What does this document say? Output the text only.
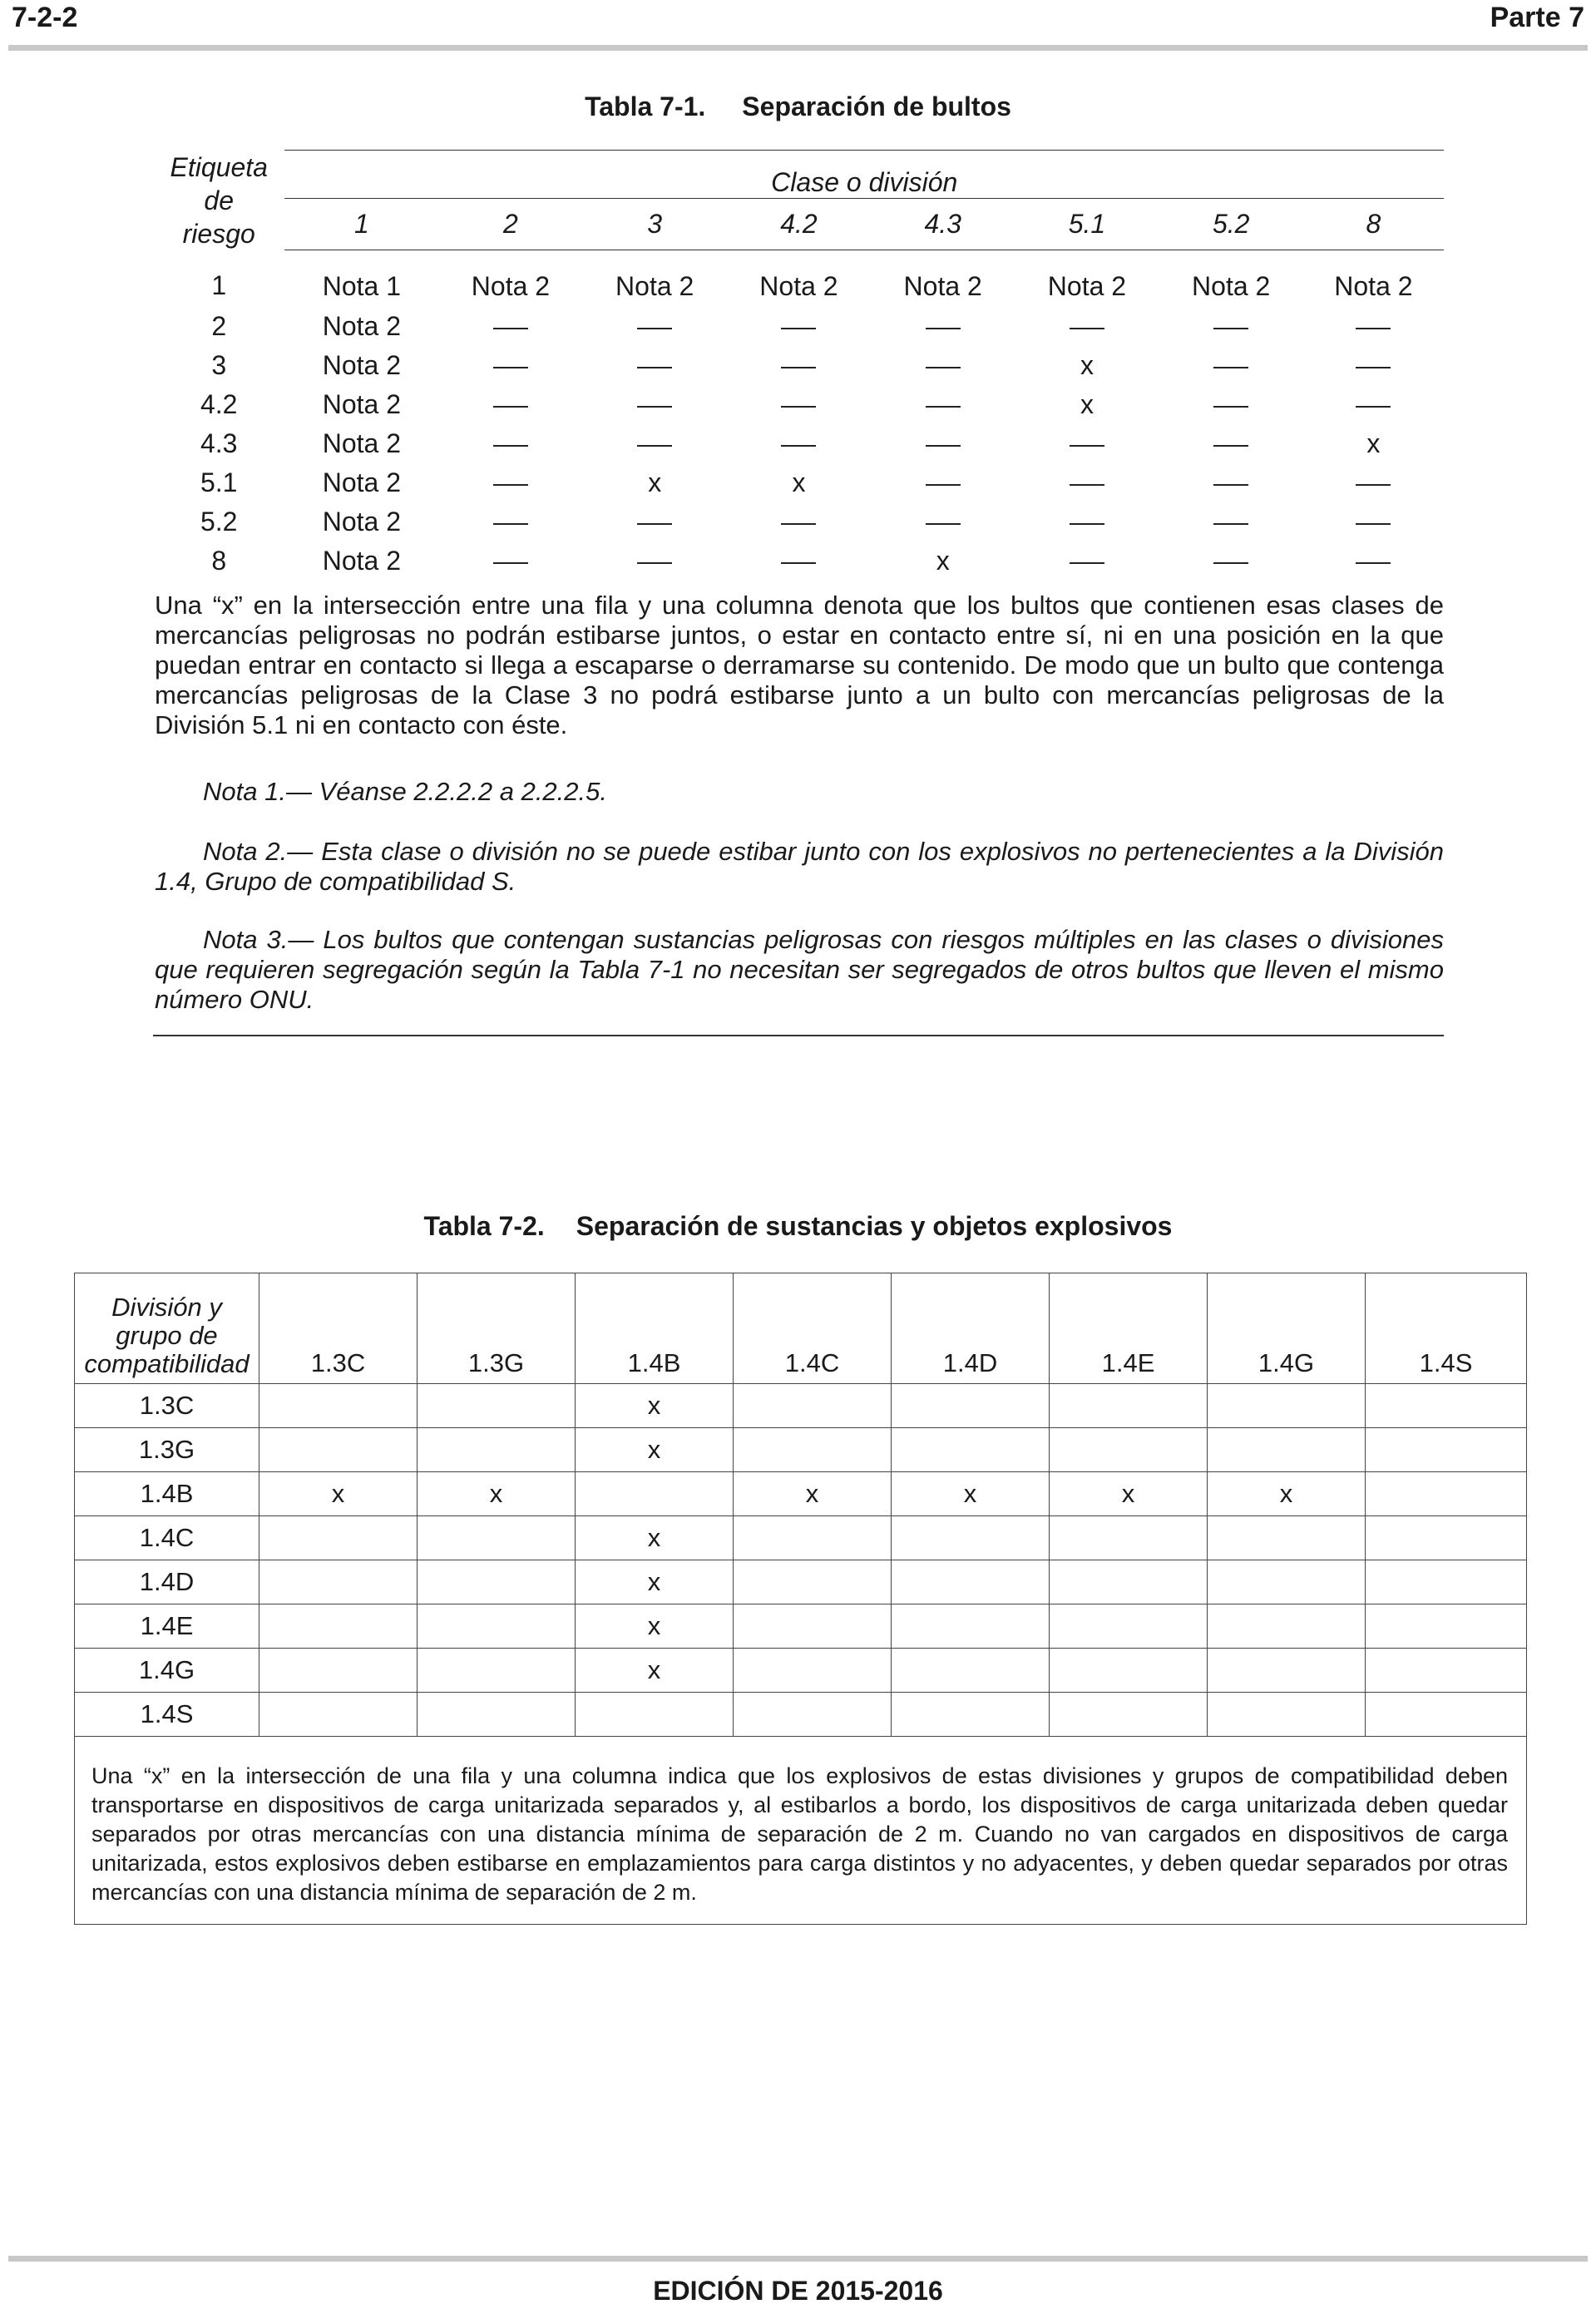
7-2-2	Parte 7
Tabla 7-1. Separación de bultos
Etiqueta de
riesgo	Clase o división							
	1	2	3	4.2	4.3	5.1	5.2	8
1	Nota 1	Nota 2	Nota 2	Nota 2	Nota 2	Nota 2	Nota 2	Nota 2
2	Nota 2							
3	Nota 2					x		
4.2	Nota 2					x		
4.3	Nota 2							x
5.1	Nota 2		x	x				
5.2	Nota 2							
8	Nota 2				x			
Una “x” en la intersección entre una fila y una columna denota que los bultos que contienen esas clases de mercancías peligrosas no podrán estibarse juntos, o estar en contacto entre sí, ni en una posición en la que puedan entrar en contacto si llega a escaparse o derramarse su contenido. De modo que un bulto que contenga mercancías peligrosas de la Clase 3 no podrá estibarse junto a un bulto con mercancías peligrosas de la División 5.1 ni en contacto con éste.
Nota 1.— Véanse 2.2.2.2 a 2.2.2.5.
Nota 2.— Esta clase o división no se puede estibar junto con los explosivos no pertenecientes a la División 1.4, Grupo de compatibilidad S.
Nota 3.— Los bultos que contengan sustancias peligrosas con riesgos múltiples en las clases o divisiones que requieren segregación según la Tabla 7-1 no necesitan ser segregados de otros bultos que lleven el mismo número ONU.
Tabla 7-2. Separación de sustancias y objetos explosivos
División y
grupo de
compatibilidad	1.3C	1.3G	1.4B	1.4C	1.4D	1.4E	1.4G	1.4S
1.3C			x					
1.3G			x					
1.4B	x	x		x	x	x	x	
1.4C			x					
1.4D			x					
1.4E			x					
1.4G			x					
1.4S								
Una “x” en la intersección de una fila y una columna indica que los explosivos de estas divisiones y grupos de compatibilidad deben transportarse en dispositivos de carga unitarizada separados y, al estibarlos a bordo, los dispositivos de carga unitarizada deben quedar separados por otras mercancías con una distancia mínima de separación de 2 m. Cuando no van cargados en dispositivos de carga unitarizada, estos explosivos deben estibarse en emplazamientos para carga distintos y no adyacentes, y deben quedar separados por otras mercancías con una distancia mínima de separación de 2 m.								
EDICIÓN DE 2015-2016
